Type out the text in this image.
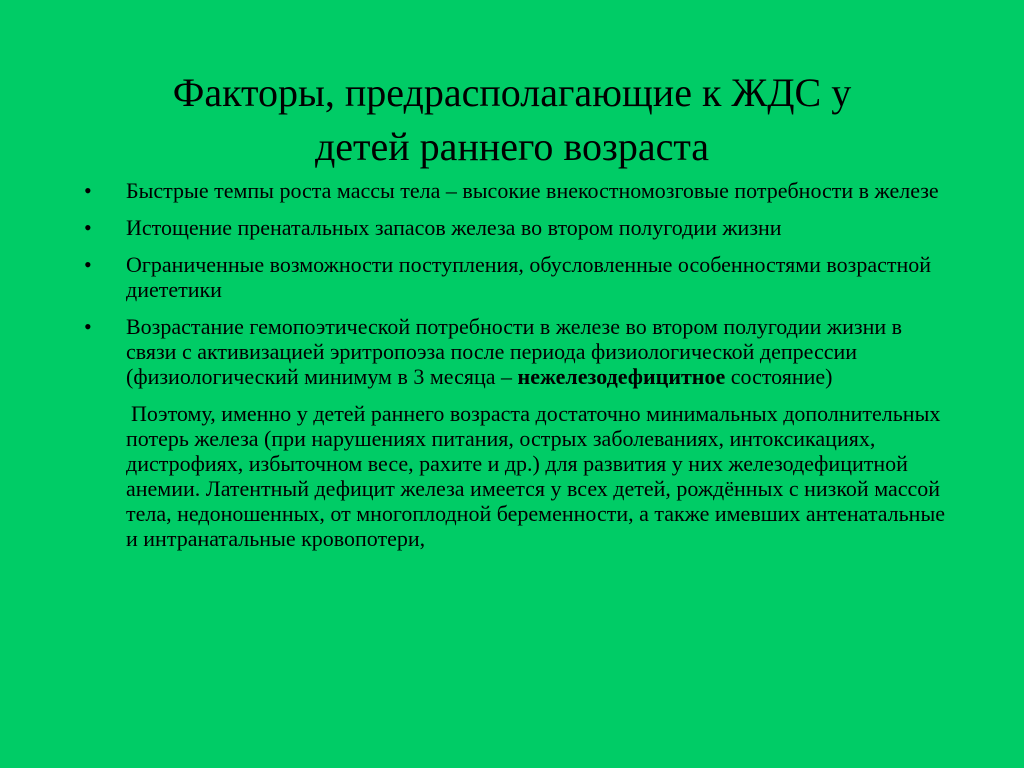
Факторы, предрасполагающие к ЖДС у
детей раннего возраста
• Быстрые темпы роста массы тела – высокие внекостномозговые потребности в железе
• Истощение пренатальных запасов железа во втором полугодии жизни
• Ограниченные возможности поступления, обусловленные особенностями возрастной диететики
• Возрастание гемопоэтической потребности в железе во втором полугодии жизни в связи с активизацией эритропоэза после периода физиологической депрессии (физиологический минимум в 3 месяца – нежелезодефицитное состояние)
Поэтому, именно у детей раннего возраста достаточно минимальных дополнительных потерь железа (при нарушениях питания, острых заболеваниях, интоксикациях, дистрофиях, избыточном весе, рахите и др.) для развития у них железодефицитной анемии. Латентный дефицит железа имеется у всех детей, рождённых с низкой массой тела, недоношенных, от многоплодной беременности, а также имевших антенатальные и интранатальные кровопотери,
